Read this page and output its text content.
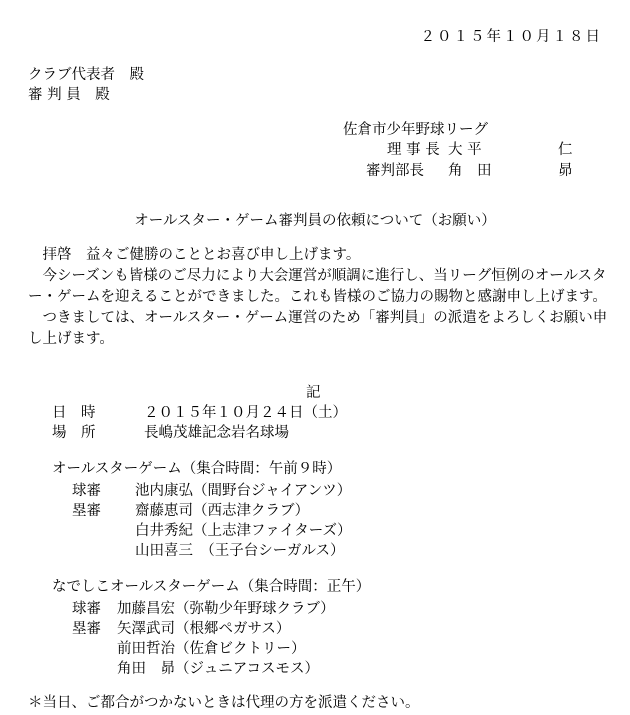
２０１５年１０月１８日
クラブ代表者　殿
審 判 員　殿
佐倉市少年野球リーグ
理 事 長 大 平	仁
審判部長 角　田	昴
オールスター・ゲーム審判員の依頼について（お願い）

拝啓　益々ご健勝のこととお喜び申し上げます。

今シーズンも皆様のご尽力により大会運営が順調に進行し、当リーグ恒例のオールスター・ゲームを迎えることができました。これも皆様のご協力の賜物と感謝申し上げます。

つきましては、オールスター・ゲーム運営のため「審判員」の派遣をよろしくお願い申し上げます。

記
日　時	２０１５年１０月２４日（土）
場　所	長嶋茂雄記念岩名球場
オールスターゲーム（集合時間：午前９時）
球審 池内康弘（間野台ジャイアンツ）
塁審 齋藤恵司（西志津クラブ）
白井秀紀（上志津ファイターズ）
山田喜三　（王子台シーガルス）
なでしこオールスターゲーム（集合時間：正午）
球審 加藤昌宏（弥勒少年野球クラブ）
塁審 矢澤武司（根郷ペガサス）
前田哲治（佐倉ビクトリー）
角田　昴（ジュニアコスモス）
＊当日、ご都合がつかないときは代理の方を派遣ください。
